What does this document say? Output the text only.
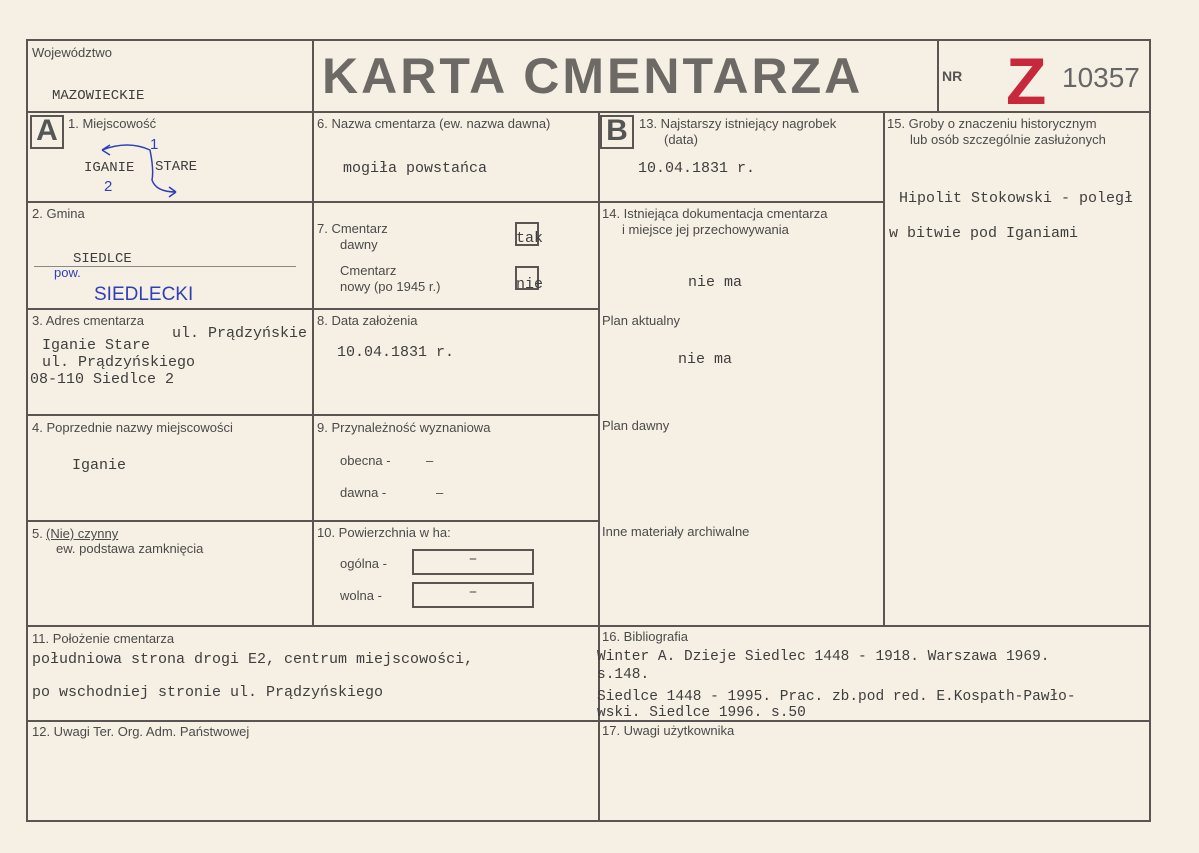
Województwo
MAZOWIECKIE	KARTA CMENTARZA	NR Z 10357
A 1. Miejscowość
IGANIE STARE
1
2
2. Gmina
SIEDLCE
pow.
SIEDLECKI
3. Adres cmentarza
ul. Prądzyńskie
Iganie Stare
ul. Prądzyńskiego
08-110 Siedlce 2
4. Poprzednie nazwy miejscowości
Iganie
5. (Nie) czynny
ew. podstawa zamknięcia
6. Nazwa cmentarza (ew. nazwa dawna)
mogiła powstańca
7. Cmentarz
dawny	tak
Cmentarz
nowy (po 1945 r.)	nie
8. Data założenia
10.04.1831 r.
9. Przynależność wyznaniowa
obecna -	–
dawna -	–
10. Powierzchnia w ha:
ogólna -	–
wolna -	–
B 13. Najstarszy istniejący nagrobek
(data)
10.04.1831 r.
14. Istniejąca dokumentacja cmentarza
i miejsce jej przechowywania
nie ma
Plan aktualny
nie ma
Plan dawny
Inne materiały archiwalne
15. Groby o znaczeniu historycznym
lub osób szczególnie zasłużonych
Hipolit Stokowski - poległ
w bitwie pod Iganiami
11. Położenie cmentarza
południowa strona drogi E2, centrum miejscowości,
po wschodniej stronie ul. Prądzyńskiego
12. Uwagi Ter. Org. Adm. Państwowej
16. Bibliografia
Winter A. Dzieje Siedlec 1448 - 1918. Warszawa 1969.
s.148.
Siedlce 1448 - 1995. Prac. zb.pod red. E.Kospath-Pawło-
wski. Siedlce 1996. s.50
17. Uwagi użytkownika
